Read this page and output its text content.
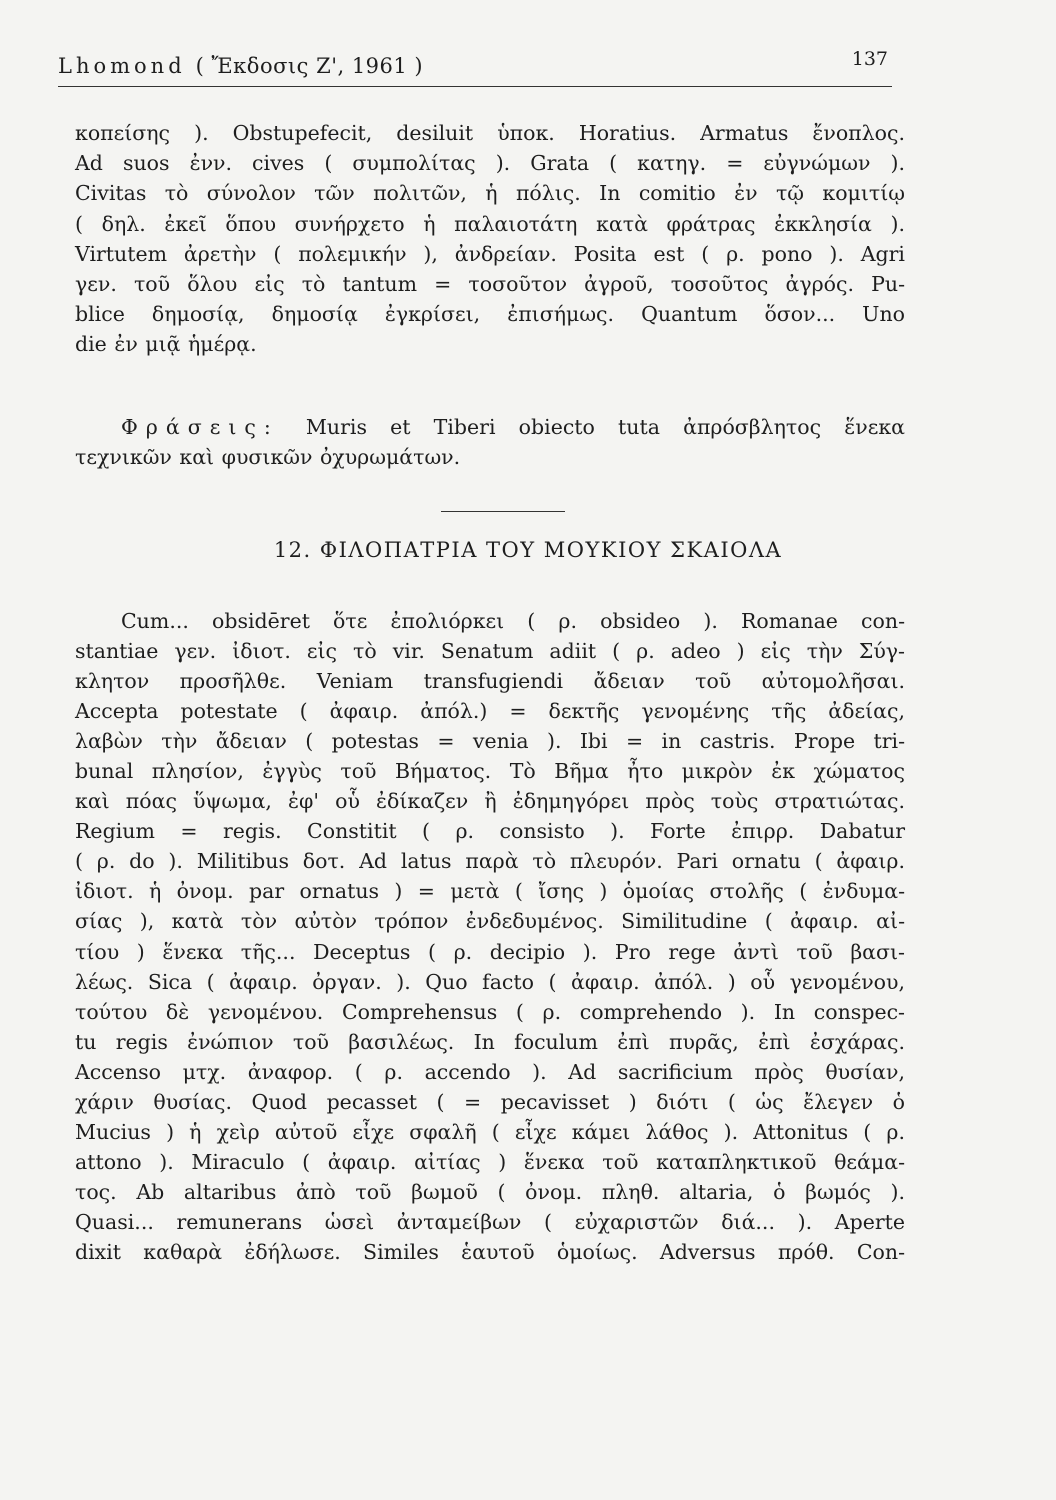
Lhomond ( Ἔκδοσις Ζ', 1961 )	137
κοπείσης ). Obstupefecit, desiluit ὑποκ. Horatius. Armatus ἔνοπλος.
Ad suos ἐνν. cives ( συμπολίτας ). Grata ( κατηγ. = εὐγνώμων ).
Civitas τὸ σύνολον τῶν πολιτῶν, ἡ πόλις. In comitio ἐν τῷ κομιτίῳ
( δηλ. ἐκεῖ ὅπου συνήρχετο ἡ παλαιοτάτη κατὰ φράτρας ἐκκλησία ).
Virtutem ἀρετὴν ( πολεμικήν ), ἀνδρείαν. Posita est ( ρ. pono ). Agri
γεν. τοῦ ὅλου εἰς τὸ tantum = τοσοῦτον ἀγροῦ, τοσοῦτος ἀγρός. Pu-
blice δημοσίᾳ, δημοσίᾳ ἐγκρίσει, ἐπισήμως. Quantum ὅσον... Uno
die ἐν μιᾷ ἡμέρᾳ.
Φράσεις: Muris et Tiberi obiecto tuta ἀπρόσβλητος ἕνεκα
τεχνικῶν καὶ φυσικῶν ὀχυρωμάτων.
12. ΦΙΛΟΠΑΤΡΙΑ ΤΟΥ ΜΟΥΚΙΟΥ ΣΚΑΙΟΛΑ
Cum... obsidēret ὅτε ἐπολιόρκει ( ρ. obsideo ). Romanae con-
stantiae γεν. ἰδιοτ. εἰς τὸ vir. Senatum adiit ( ρ. adeo ) εἰς τὴν Σύγ-
κλητον προσῆλθε. Veniam transfugiendi ἄδειαν τοῦ αὐτομολῆσαι.
Accepta potestate ( ἀφαιρ. ἀπόλ.) = δεκτῆς γενομένης τῆς ἀδείας,
λαβὼν τὴν ἄδειαν ( potestas = venia ). Ibi = in castris. Prope tri-
bunal πλησίον, ἐγγὺς τοῦ Βήματος. Τὸ Βῆμα ἦτο μικρὸν ἐκ χώματος
καὶ πόας ὕψωμα, ἐφ' οὗ ἐδίκαζεν ἢ ἐδημηγόρει πρὸς τοὺς στρατιώτας.
Regium = regis. Constitit ( ρ. consisto ). Forte ἐπιρρ. Dabatur
( ρ. do ). Militibus δοτ. Ad latus παρὰ τὸ πλευρόν. Pari ornatu ( ἀφαιρ.
ἰδιοτ. ἡ ὀνομ. par ornatus ) = μετὰ ( ἴσης ) ὁμοίας στολῆς ( ἐνδυμα-
σίας ), κατὰ τὸν αὐτὸν τρόπον ἐνδεδυμένος. Similitudine ( ἀφαιρ. αἰ-
τίου ) ἕνεκα τῆς... Deceptus ( ρ. decipio ). Pro rege ἀντὶ τοῦ βασι-
λέως. Sica ( ἀφαιρ. ὀργαν. ). Quo facto ( ἀφαιρ. ἀπόλ. ) οὗ γενομένου,
τούτου δὲ γενομένου. Comprehensus ( ρ. comprehendo ). In conspec-
tu regis ἐνώπιον τοῦ βασιλέως. In foculum ἐπὶ πυρᾶς, ἐπὶ ἐσχάρας.
Accenso μτχ. ἀναφορ. ( ρ. accendo ). Ad sacrificium πρὸς θυσίαν,
χάριν θυσίας. Quod pecasset ( = pecavisset ) διότι ( ὡς ἔλεγεν ὁ
Mucius ) ἡ χεὶρ αὐτοῦ εἶχε σφαλῆ ( εἶχε κάμει λάθος ). Attonitus ( ρ.
attono ). Miraculo ( ἀφαιρ. αἰτίας ) ἕνεκα τοῦ καταπληκτικοῦ θεάμα-
τος. Ab altaribus ἀπὸ τοῦ βωμοῦ ( ὀνομ. πληθ. altaria, ὁ βωμός ).
Quasi... remunerans ὡσεὶ ἀνταμείβων ( εὐχαριστῶν διά... ). Aperte
dixit καθαρὰ ἐδήλωσε. Similes ἑαυτοῦ ὁμοίως. Adversus πρόθ. Con-
